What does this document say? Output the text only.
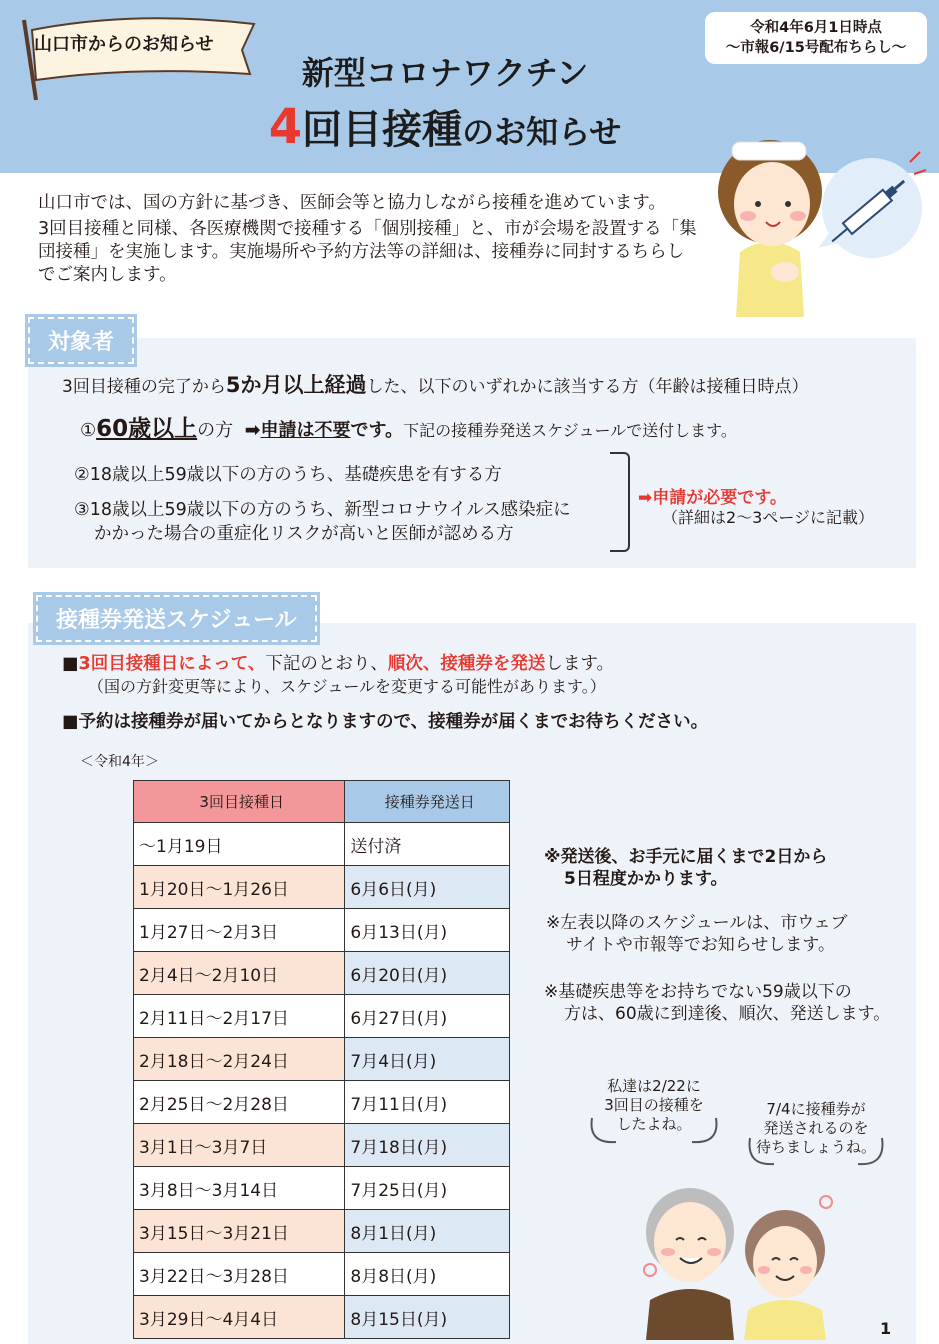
山口市からのお知らせ
令和4年6月1日時点
～市報6/15号配布ちらし～
新型コロナワクチン
4回目接種のお知らせ

山口市では、国の方針に基づき、医師会等と協力しながら接種を進めています。

3回目接種と同様、各医療機関で接種する「個別接種」と、市が会場を設置する「集団接種」を実施します。実施場所や予約方法等の詳細は、接種券に同封するちらしでご案内します。

対象者
3回目接種の完了から5か月以上経過した、以下のいずれかに該当する方（年齢は接種日時点）
①60歳以上の方 ➡申請は不要です。下記の接種券発送スケジュールで送付します。
②18歳以上59歳以下の方のうち、基礎疾患を有する方
③18歳以上59歳以下の方のうち、新型コロナウイルス感染症に
かかった場合の重症化リスクが高いと医師が認める方
➡申請が必要です。
（詳細は2～3ページに記載）
接種券発送スケジュール
■3回目接種日によって、下記のとおり、順次、接種券を発送します。
（国の方針変更等により、スケジュールを変更する可能性があります。）
■予約は接種券が届いてからとなりますので、接種券が届くまでお待ちください。
＜令和4年＞
3回目接種日	接種券発送日
～1月19日	送付済
1月20日～1月26日	6月6日(月)
1月27日～2月3日	6月13日(月)
2月4日～2月10日	6月20日(月)
2月11日～2月17日	6月27日(月)
2月18日～2月24日	7月4日(月)
2月25日～2月28日	7月11日(月)
3月1日～3月7日	7月18日(月)
3月8日～3月14日	7月25日(月)
3月15日～3月21日	8月1日(月)
3月22日～3月28日	8月8日(月)
3月29日～4月4日	8月15日(月)
※発送後、お手元に届くまで2日から
5日程度かかります。
※左表以降のスケジュールは、市ウェブ
サイトや市報等でお知らせします。
※基礎疾患等をお持ちでない59歳以下の
方は、60歳に到達後、順次、発送します。
私達は2/22に
3回目の接種を
したよね。
7/4に接種券が
発送されるのを
待ちましょうね。
1
